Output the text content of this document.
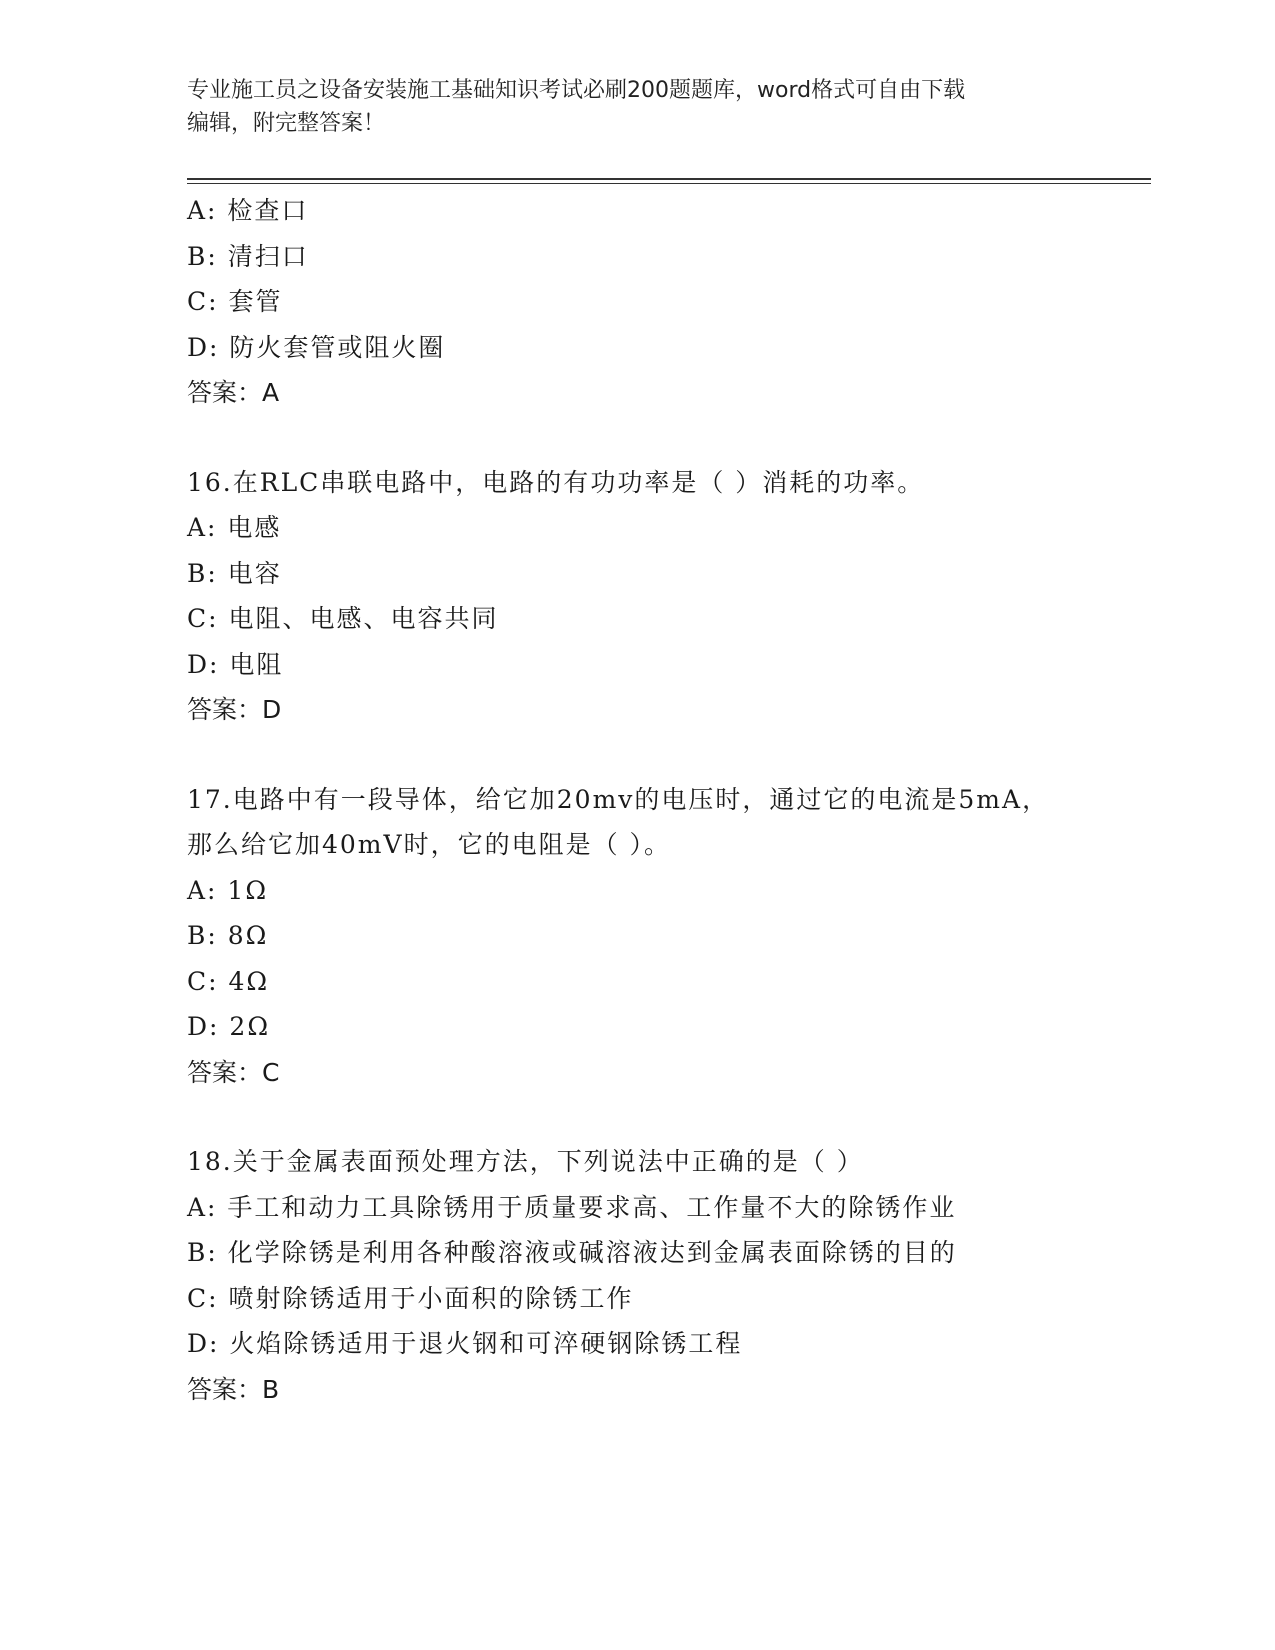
专业施工员之设备安装施工基础知识考试必刷200题题库，word格式可自由下载
编辑，附完整答案！
A: 检查口
B: 清扫口
C: 套管
D: 防火套管或阻火圈
答案：A
16.在RLC串联电路中，电路的有功功率是（ ）消耗的功率。
A: 电感
B: 电容
C: 电阻、电感、电容共同
D: 电阻
答案：D
17.电路中有一段导体，给它加20mv的电压时，通过它的电流是5mA，
那么给它加40mV时，它的电阻是（ ）。
A: 1Ω
B: 8Ω
C: 4Ω
D: 2Ω
答案：C
18.关于金属表面预处理方法，下列说法中正确的是（ ）
A: 手工和动力工具除锈用于质量要求高、工作量不大的除锈作业
B: 化学除锈是利用各种酸溶液或碱溶液达到金属表面除锈的目的
C: 喷射除锈适用于小面积的除锈工作
D: 火焰除锈适用于退火钢和可淬硬钢除锈工程
答案：B
